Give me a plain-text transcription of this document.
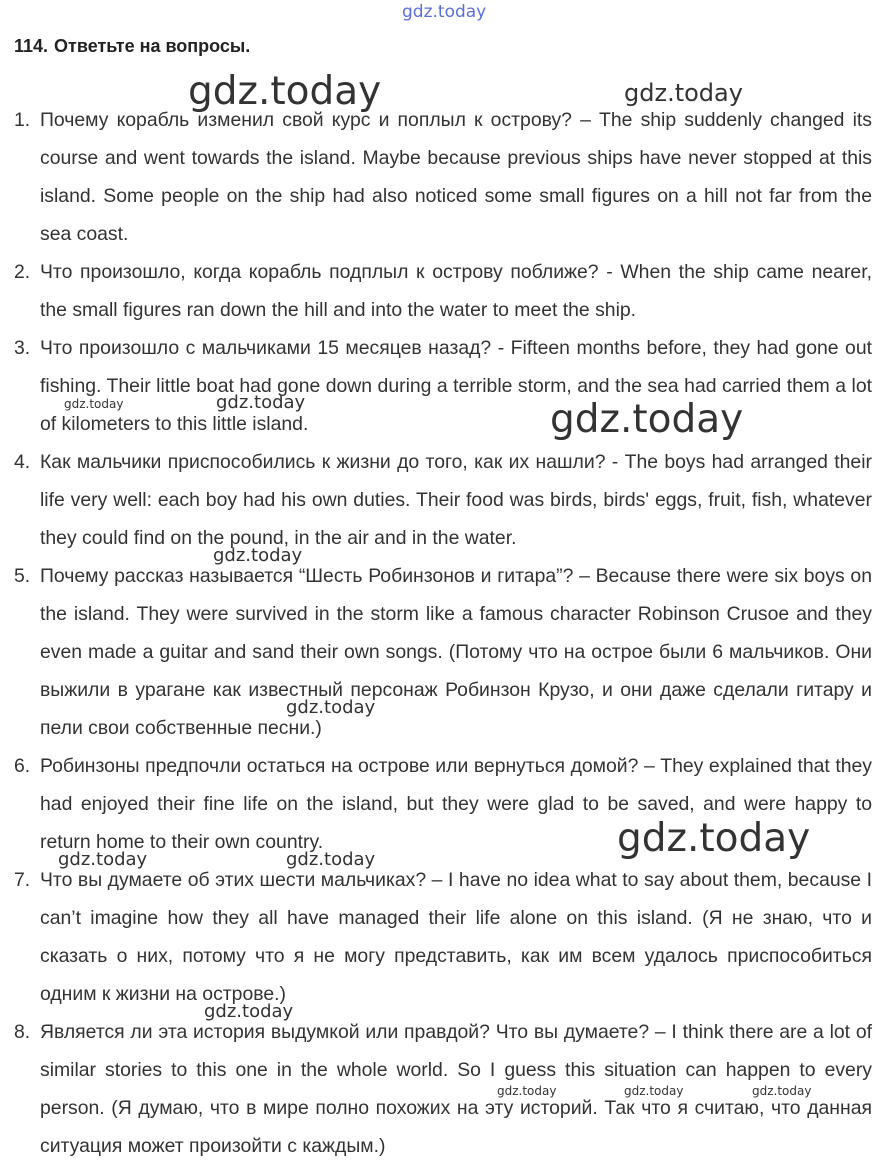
gdz.today
114. Ответьте на вопросы.
1. Почему корабль изменил свой курс и поплыл к острову? – The ship suddenly changed its course and went towards the island. Maybe because previous ships have never stopped at this island. Some people on the ship had also noticed some small figures on a hill not far from the sea coast.
2. Что произошло, когда корабль подплыл к острову поближе? - When the ship came nearer, the small figures ran down the hill and into the water to meet the ship.
3. Что произошло с мальчиками 15 месяцев назад? - Fifteen months before, they had gone out fishing. Their little boat had gone down during a terrible storm, and the sea had carried them a lot of kilometers to this little island.
4. Как мальчики приспособились к жизни до того, как их нашли? - The boys had arranged their life very well: each boy had his own duties. Their food was birds, birds' eggs, fruit, fish, whatever they could find on the pound, in the air and in the water.
5. Почему рассказ называется “Шесть Робинзонов и гитара”? – Because there were six boys on the island. They were survived in the storm like a famous character Robinson Crusoe and they even made a guitar and sand their own songs. (Потому что на острое были 6 мальчиков. Они выжили в урагане как известный персонаж Робинзон Крузо, и они даже сделали гитару и пели свои собственные песни.)
6. Робинзоны предпочли остаться на острове или вернуться домой? – They explained that they had enjoyed their fine life on the island, but they were glad to be saved, and were happy to return home to their own country.
7. Что вы думаете об этих шести мальчиках? – I have no idea what to say about them, because I can’t imagine how they all have managed their life alone on this island. (Я не знаю, что и сказать о них, потому что я не могу представить, как им всем удалось приспособиться одним к жизни на острове.)
8. Является ли эта история выдумкой или правдой? Что вы думаете? – I think there are a lot of similar stories to this one in the whole world. So I guess this situation can happen to every person. (Я думаю, что в мире полно похожих на эту историй. Так что я считаю, что данная ситуация может произойти с каждым.)
gdz.today	gdz.today
gdz.today	gdz.today	gdz.today
gdz.today
gdz.today
gdz.today
gdz.today	gdz.today
gdz.today
gdz.today	gdz.today	gdz.today
